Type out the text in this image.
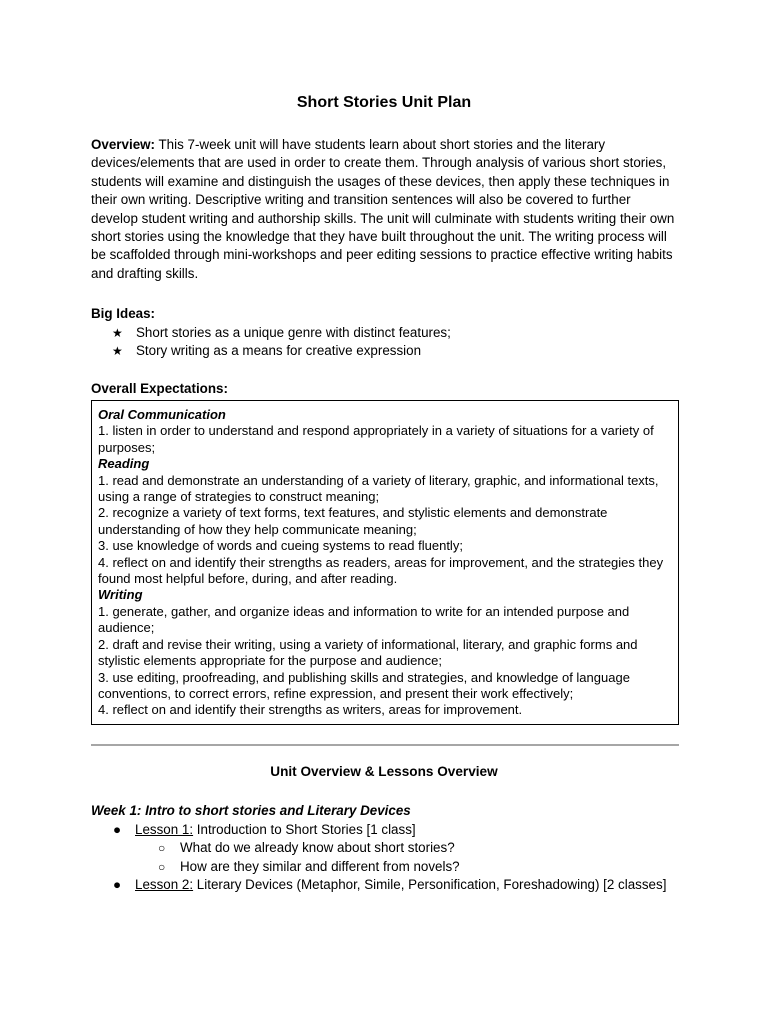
Short Stories Unit Plan

Overview: This 7-week unit will have students learn about short stories and the literary devices/elements that are used in order to create them. Through analysis of various short stories, students will examine and distinguish the usages of these devices, then apply these techniques in their own writing. Descriptive writing and transition sentences will also be covered to further develop student writing and authorship skills. The unit will culminate with students writing their own short stories using the knowledge that they have built throughout the unit. The writing process will be scaffolded through mini-workshops and peer editing sessions to practice effective writing habits and drafting skills.

Big Ideas:
★ Short stories as a unique genre with distinct features;
★ Story writing as a means for creative expression
Overall Expectations:

Oral Communication

1. listen in order to understand and respond appropriately in a variety of situations for a variety of purposes;

Reading

1. read and demonstrate an understanding of a variety of literary, graphic, and informational texts, using a range of strategies to construct meaning;

2. recognize a variety of text forms, text features, and stylistic elements and demonstrate understanding of how they help communicate meaning;

3. use knowledge of words and cueing systems to read fluently;

4. reflect on and identify their strengths as readers, areas for improvement, and the strategies they found most helpful before, during, and after reading.

Writing

1. generate, gather, and organize ideas and information to write for an intended purpose and audience;

2. draft and revise their writing, using a variety of informational, literary, and graphic forms and stylistic elements appropriate for the purpose and audience;

3. use editing, proofreading, and publishing skills and strategies, and knowledge of language conventions, to correct errors, refine expression, and present their work effectively;

4. reflect on and identify their strengths as writers, areas for improvement.

Unit Overview & Lessons Overview
Week 1: Intro to short stories and Literary Devices
●	Lesson 1: Introduction to Short Stories [1 class]
○	What do we already know about short stories?
○	How are they similar and different from novels?
●	Lesson 2: Literary Devices (Metaphor, Simile, Personification, Foreshadowing) [2 classes]
